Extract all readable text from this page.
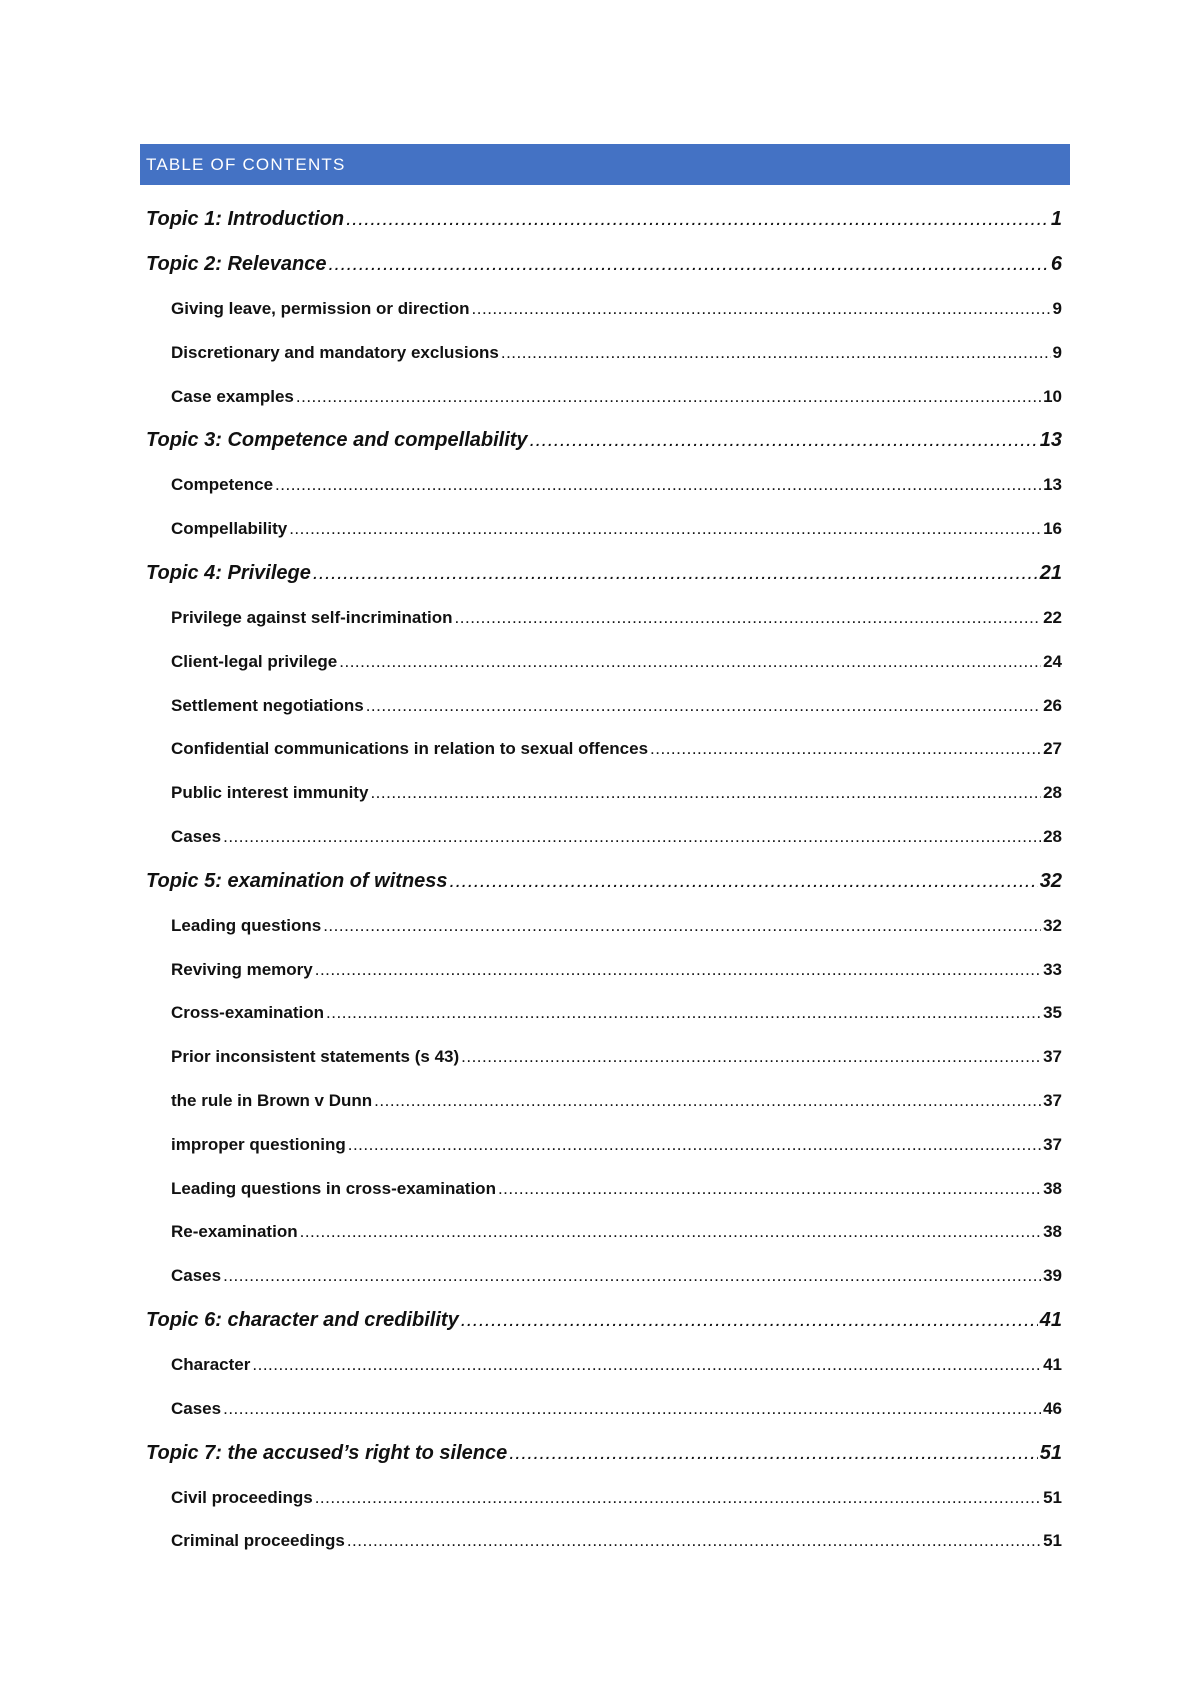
TABLE OF CONTENTS
Topic 1: Introduction .....	1
Topic 2: Relevance .....	6
Giving leave, permission or direction .....	9
Discretionary and mandatory exclusions .....	9
Case examples .....	10
Topic 3: Competence and compellability .....	13
Competence .....	13
Compellability .....	16
Topic 4: Privilege .....	21
Privilege against self-incrimination .....	22
Client-legal privilege .....	24
Settlement negotiations .....	26
Confidential communications in relation to sexual offences .....	27
Public interest immunity .....	28
Cases .....	28
Topic 5: examination of witness .....	32
Leading questions .....	32
Reviving memory .....	33
Cross-examination .....	35
Prior inconsistent statements (s 43) .....	37
the rule in Brown v Dunn .....	37
improper questioning .....	37
Leading questions in cross-examination .....	38
Re-examination .....	38
Cases .....	39
Topic 6: character and credibility .....	41
Character .....	41
Cases .....	46
Topic 7: the accused’s right to silence .....	51
Civil proceedings .....	51
Criminal proceedings .....	51
